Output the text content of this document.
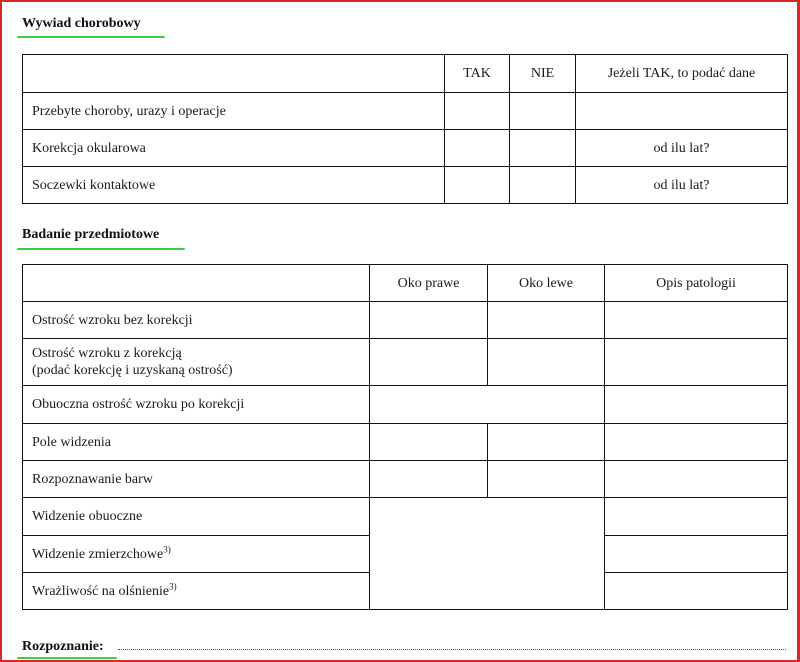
Wywiad chorobowy
	TAK	NIE	Jeżeli TAK, to podać dane
Przebyte choroby, urazy i operacje			
Korekcja okularowa			od ilu lat?
Soczewki kontaktowe			od ilu lat?
Badanie przedmiotowe
	Oko prawe	Oko lewe	Opis patologii
Ostrość wzroku bez korekcji			

Ostrość wzroku z korekcją
(podać korekcję i uzyskaną ostrość)			

Obuoczna ostrość wzroku po korekcji			
Pole widzenia			
Rozpoznawanie barw			
Widzenie obuoczne			
Widzenie zmierzchowe$^{3)}$	
Wrażliwość na olśnienie$^{3)}$	
Rozpoznanie:
